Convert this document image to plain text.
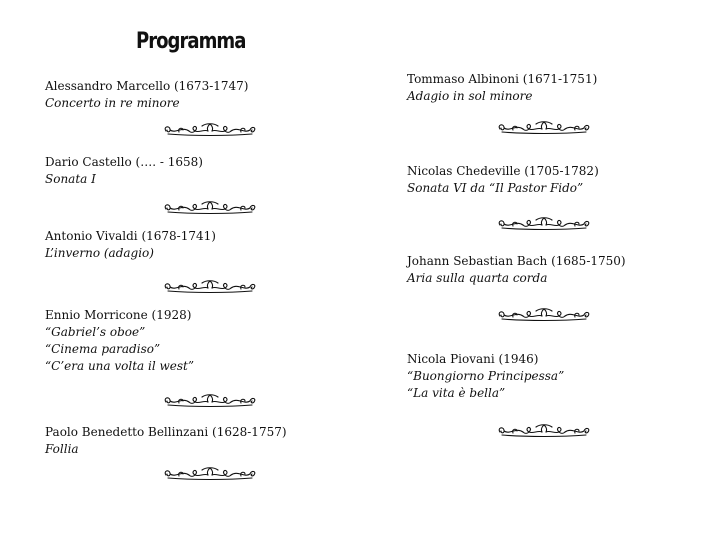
Programma
Alessandro Marcello (1673-1747)
Concerto in re minore
Dario Castello (…. - 1658)
Sonata I
Antonio Vivaldi (1678-1741)
L’inverno (adagio)
Ennio Morricone (1928)
“Gabriel’s oboe”
“Cinema paradiso”
“C’era una volta il west”
Paolo Benedetto Bellinzani (1628-1757)
Follia
Tommaso Albinoni (1671-1751)
Adagio in sol minore
Nicolas Chedeville (1705-1782)
Sonata VI da “Il Pastor Fido”
Johann Sebastian Bach (1685-1750)
Aria sulla quarta corda
Nicola Piovani (1946)
“Buongiorno Principessa”
“La vita è bella”
